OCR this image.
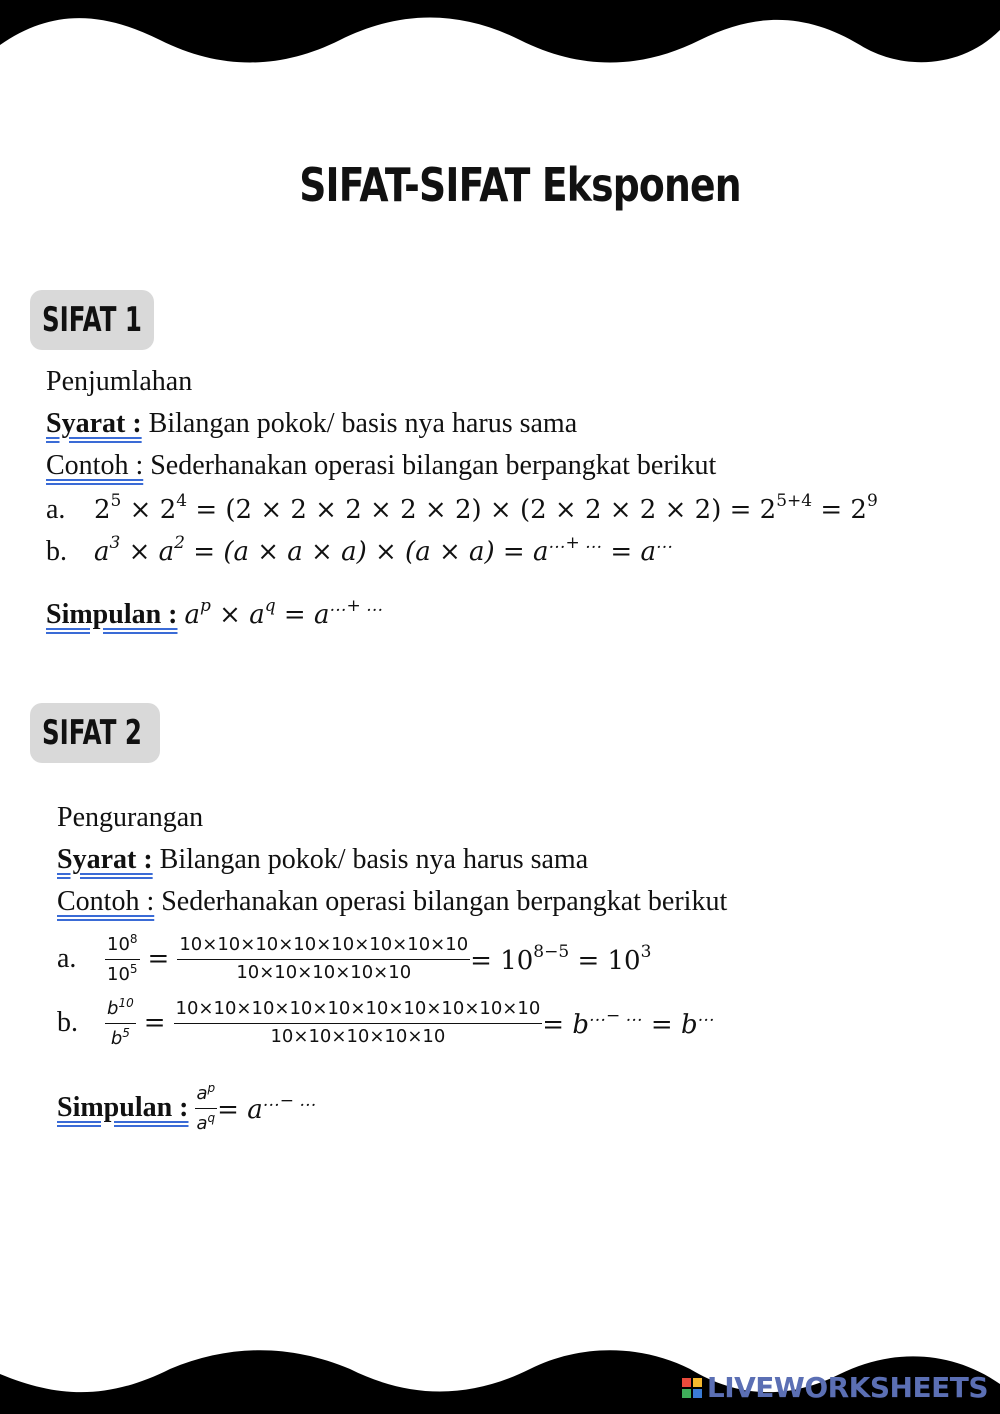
SIFAT-SIFAT Eksponen
SIFAT 1
Penjumlahan
Syarat : Bilangan pokok/ basis nya harus sama
Contoh : Sederhanakan operasi bilangan berpangkat berikut
a. $2^5 \times 2^4 = (2 \times 2 \times 2 \times 2 \times 2) \times (2 \times 2 \times 2 \times 2) = 2^{5+4} = 2^9$
b. $a^3 \times a^2 = (a \times a \times a) \times (a \times a) = a^{\dots+ \dots} = a^\dots$
Simpulan : $a^p \times a^q = a^{\dots+ \dots}$
SIFAT 2
Pengurangan
Syarat : Bilangan pokok/ basis nya harus sama
Contoh : Sederhanakan operasi bilangan berpangkat berikut
a.	$\frac{10^8}{10^5} = \frac{10\times 10\times 10\times 10\times 10\times 10\times 10\times 10}{10\times 10\times 10\times 10\times 10} = 10^{8-5} = 10^3$
b.	$\frac{b^{10}}{b^5} = \frac{10\times 10\times 10\times 10\times 10\times 10\times 10\times 10\times 10\times 10}{10\times 10\times 10\times 10\times 10} = b^{\dots- \dots} = b^\dots$
Simpulan : $\frac{a^p}{a^q} = a^{\dots- \dots}$
LIVEWORKSHEETS
